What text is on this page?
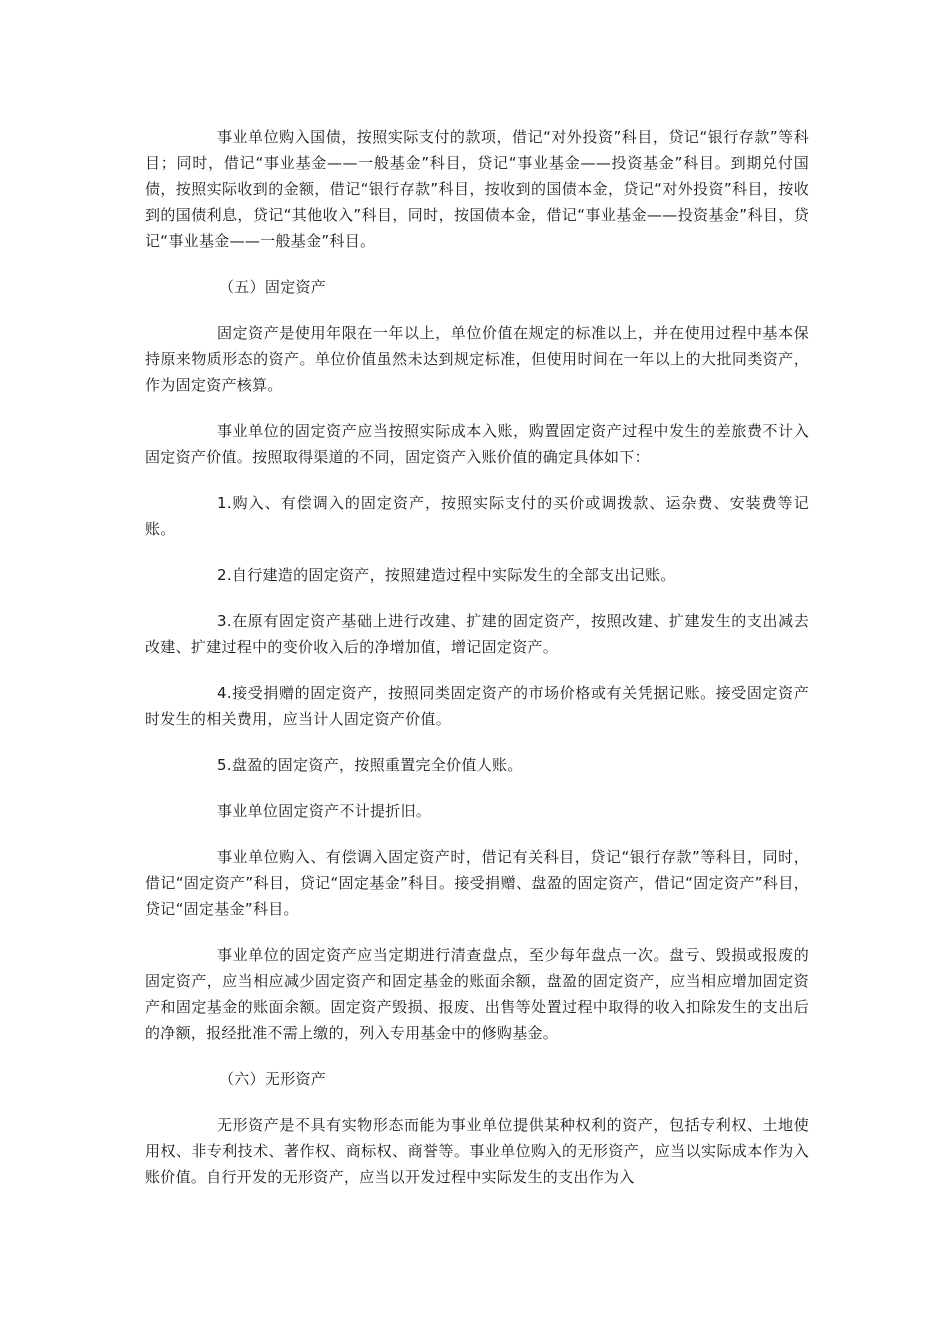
事业单位购入国债，按照实际支付的款项，借记“对外投资”科目，贷记“银行存款”等科目；同时，借记“事业基金——一般基金”科目，贷记“事业基金——投资基金”科目。到期兑付国债，按照实际收到的金额，借记“银行存款”科目，按收到的国债本金，贷记“对外投资”科目，按收到的国债利息，贷记“其他收入”科目，同时，按国债本金，借记“事业基金——投资基金”科目，贷记“事业基金——一般基金”科目。

（五）固定资产

固定资产是使用年限在一年以上，单位价值在规定的标准以上，并在使用过程中基本保持原来物质形态的资产。单位价值虽然未达到规定标准，但使用时间在一年以上的大批同类资产，作为固定资产核算。

事业单位的固定资产应当按照实际成本入账，购置固定资产过程中发生的差旅费不计入固定资产价值。按照取得渠道的不同，固定资产入账价值的确定具体如下：

1.购入、有偿调入的固定资产，按照实际支付的买价或调拨款、运杂费、安装费等记账。

2.自行建造的固定资产，按照建造过程中实际发生的全部支出记账。

3.在原有固定资产基础上进行改建、扩建的固定资产，按照改建、扩建发生的支出减去改建、扩建过程中的变价收入后的净增加值，增记固定资产。

4.接受捐赠的固定资产，按照同类固定资产的市场价格或有关凭据记账。接受固定资产时发生的相关费用，应当计人固定资产价值。

5.盘盈的固定资产，按照重置完全价值人账。

事业单位固定资产不计提折旧。

事业单位购入、有偿调入固定资产时，借记有关科目，贷记“银行存款”等科目，同时，借记“固定资产”科目，贷记“固定基金”科目。接受捐赠、盘盈的固定资产，借记“固定资产”科目，贷记“固定基金”科目。

事业单位的固定资产应当定期进行清查盘点，至少每年盘点一次。盘亏、毁损或报废的固定资产，应当相应减少固定资产和固定基金的账面余额，盘盈的固定资产，应当相应增加固定资产和固定基金的账面余额。固定资产毁损、报废、出售等处置过程中取得的收入扣除发生的支出后的净额，报经批准不需上缴的，列入专用基金中的修购基金。

（六）无形资产

无形资产是不具有实物形态而能为事业单位提供某种权利的资产，包括专利权、土地使用权、非专利技术、著作权、商标权、商誉等。事业单位购入的无形资产，应当以实际成本作为入账价值。自行开发的无形资产，应当以开发过程中实际发生的支出作为入
